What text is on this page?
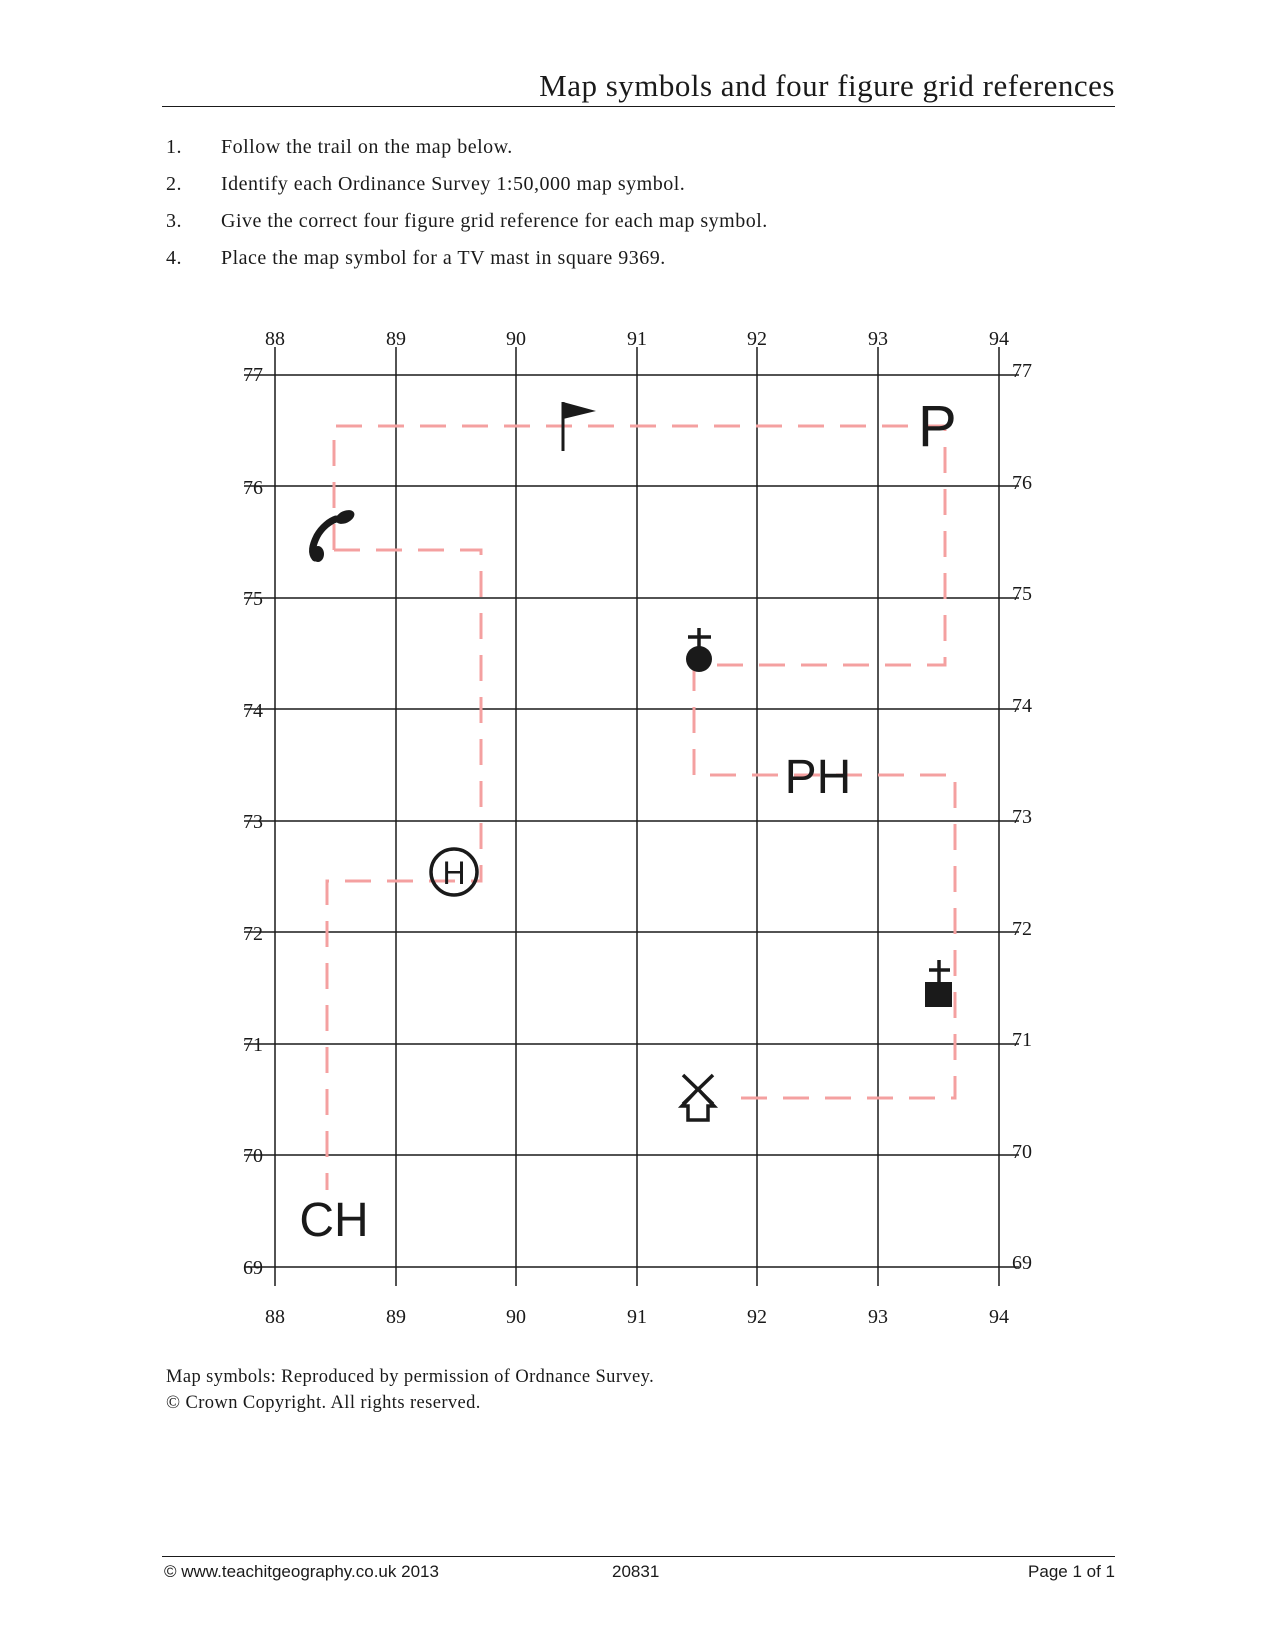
Map symbols and four figure grid references
1. Follow the trail on the map below.
2. Identify each Ordinance Survey 1:50,000 map symbol.
3. Give the correct four figure grid reference for each map symbol.
4. Place the map symbol for a TV mast in square 9369.
88	89	90	91	92	93	94
88	89	90	91	92	93	94
77
76
75
74
73
72
71
70
69
77
76
75
74
73
72
71
70
69
P
PH
H
CH
Map symbols: Reproduced by permission of Ordnance Survey.
© Crown Copyright. All rights reserved.
© www.teachitgeography.co.uk 2013	20831	Page 1 of 1
